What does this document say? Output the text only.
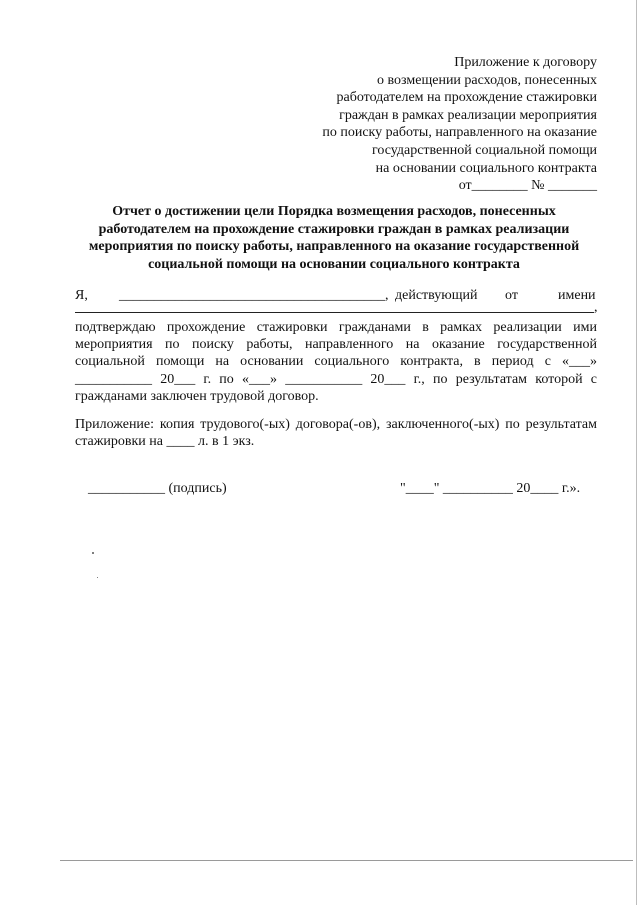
Приложение к договору
о возмещении расходов, понесенных
работодателем на прохождение стажировки
граждан в рамках реализации мероприятия
по поиску работы, направленного на оказание
государственной социальной помощи
на основании социального контракта
от________ № _______
Отчет о достижении цели Порядка возмещения расходов, понесенных
работодателем на прохождение стажировки граждан в рамках реализации
мероприятия по поиску работы, направленного на оказание государственной
социальной помощи на основании социального контракта
Я, ______________________________________, действующий от	имени
,
подтверждаю прохождение стажировки гражданами в рамках реализации ими мероприятия по поиску работы, направленного на оказание государственной социальной помощи на основании социального контракта, в период с «___» ___________ 20___ г. по «___» ___________ 20___ г., по результатам которой с гражданами заключен трудовой договор.
Приложение: копия трудового(-ых) договора(-ов), заключенного(-ых) по результатам стажировки на ____ л. в 1 экз.
___________ (подпись)	"____" __________ 20____ г.».
